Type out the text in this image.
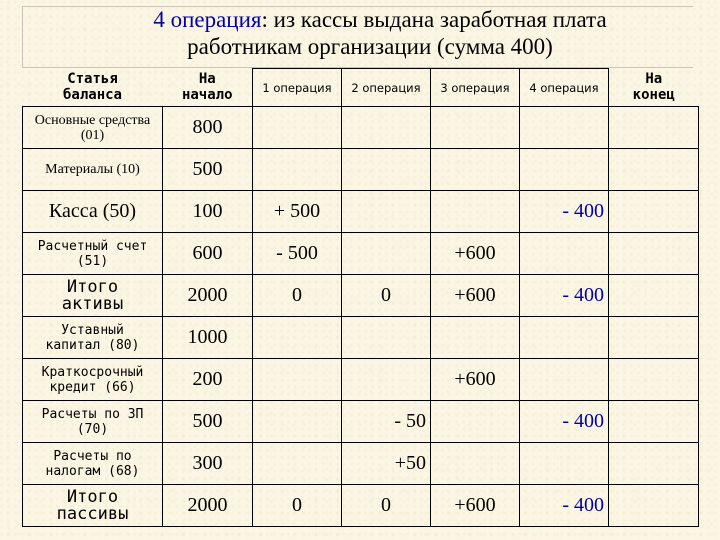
4 операция: из кассы выдана заработная плата
работникам организации (сумма 400)
Статья баланса	На начало	1 операция	2 операция	3 операция	4 операция	На конец
Основные средства (01)	800					
Материалы (10)	500					
Касса (50)	100	+ 500			- 400	
Расчетный счет (51)	600	- 500		+600		
Итого активы	2000	0	0	+600	- 400	
Уставный капитал (80)	1000					
Краткосрочный кредит (66)	200			+600		
Расчеты по ЗП (70)	500		- 50		- 400	
Расчеты по налогам (68)	300		+50			
Итого пассивы	2000	0	0	+600	- 400	
